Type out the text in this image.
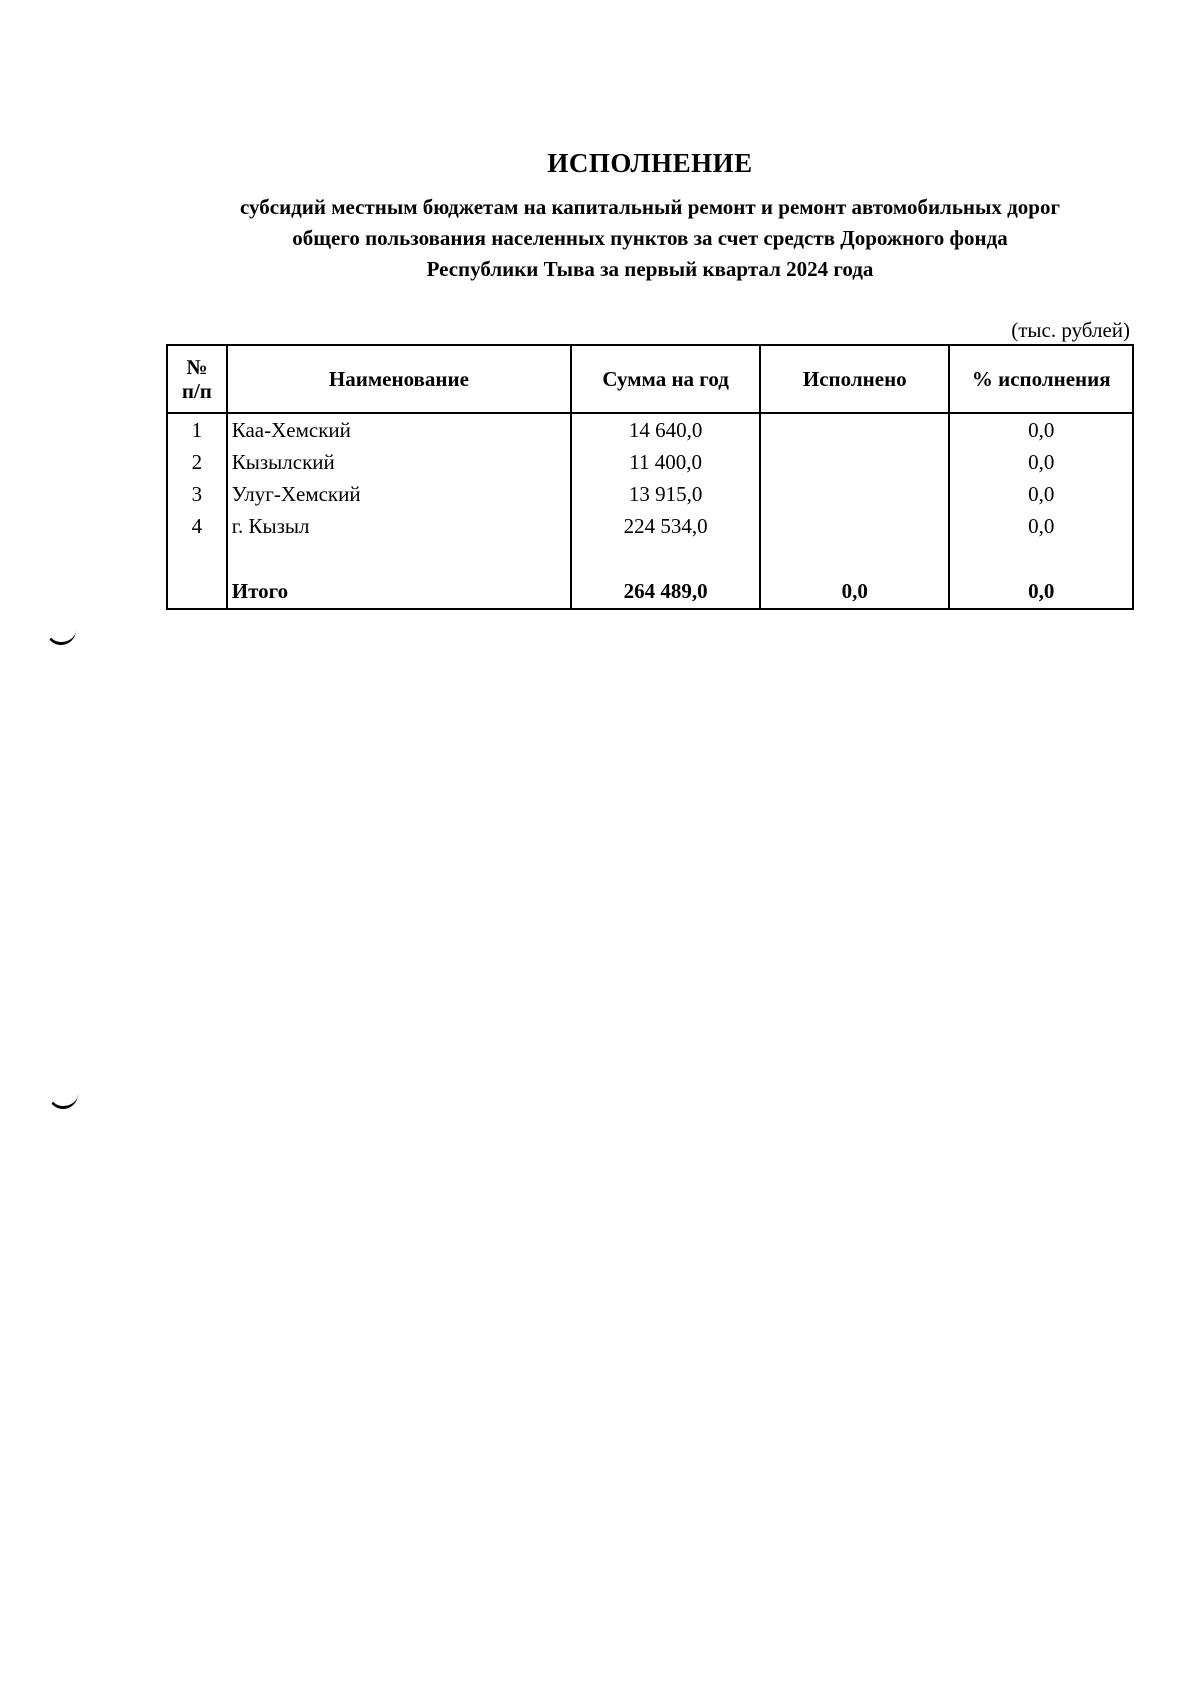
ИСПОЛНЕНИЕ
субсидий местным бюджетам на капитальный ремонт и ремонт автомобильных дорог
общего пользования населенных пунктов за счет средств Дорожного фонда
Республики Тыва за первый квартал 2024 года
(тыс. рублей)
№
п/п	Наименование	Сумма на год	Исполнено	% исполнения
1	Каа-Хемский	14 640,0		0,0
2	Кызылский	11 400,0		0,0
3	Улуг-Хемский	13 915,0		0,0
4	г. Кызыл	224 534,0		0,0

	Итого	264 489,0	0,0	0,0
